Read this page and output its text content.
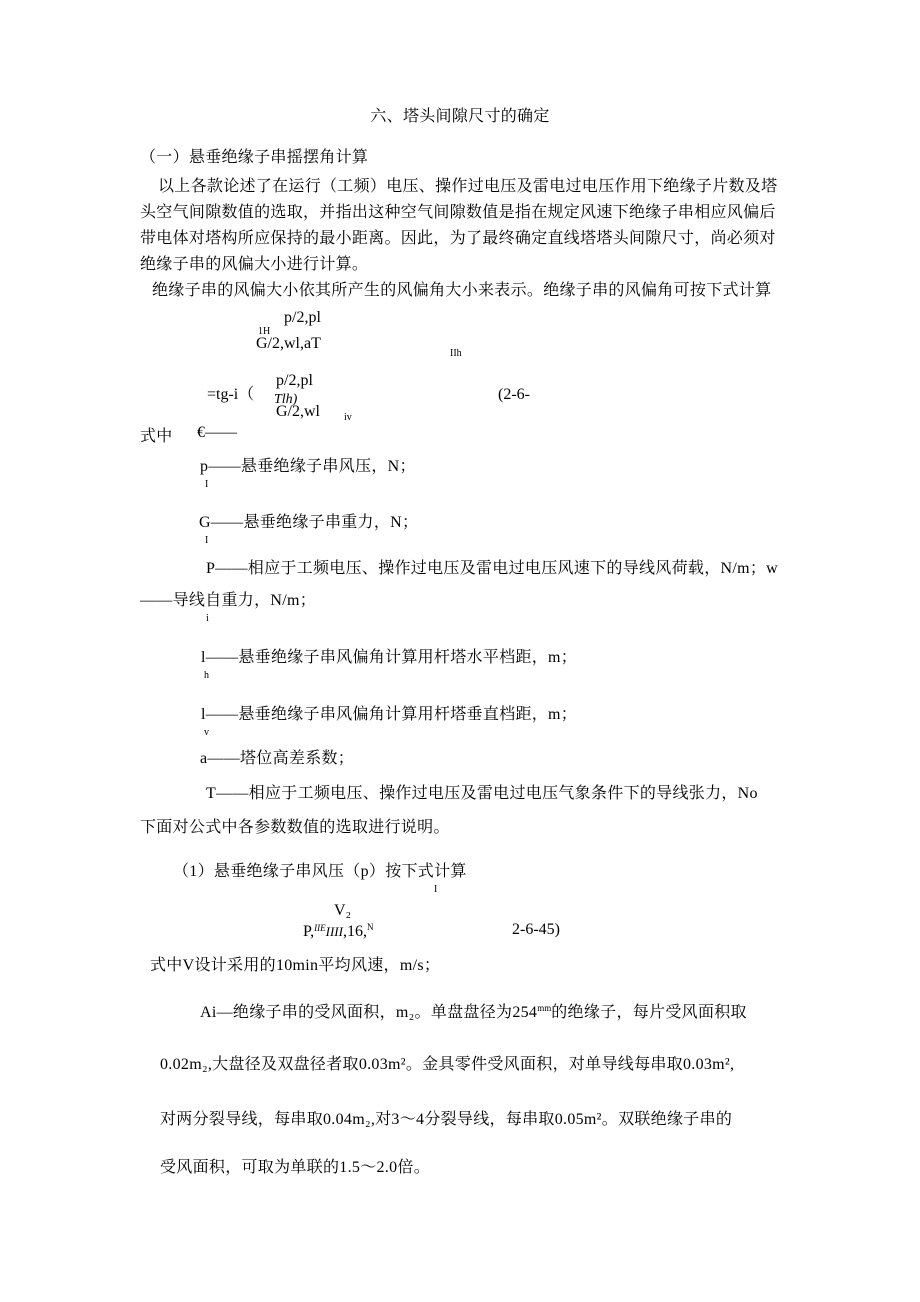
六、塔头间隙尺寸的确定
（一）悬垂绝缘子串摇摆角计算
以上各款论述了在运行（工频）电压、操作过电压及雷电过电压作用下绝缘子片数及塔
头空气间隙数值的选取，并指出这种空气间隙数值是指在规定风速下绝缘子串相应风偏后
带电体对塔构所应保持的最小距离。因此，为了最终确定直线塔塔头间隙尺寸，尚必须对
绝缘子串的风偏大小进行计算。
绝缘子串的风偏大小依其所产生的风偏角大小来表示。绝缘子串的风偏角可按下式计算
p/2,pl
1H
G/2,wl,aT
IIh
=tg-i（
p/2,pl
Tlh)
G/2,wl iv
(2-6-
式中 €——
p——悬垂绝缘子串风压，N；
I
G——悬垂绝缘子串重力，N；
I
P——相应于工频电压、操作过电压及雷电过电压风速下的导线风荷载，N/m；w
——导线自重力，N/m；
i
l——悬垂绝缘子串风偏角计算用杆塔水平档距，m；
h
l——悬垂绝缘子串风偏角计算用杆塔垂直档距，m；
v
a——塔位高差系数；
T——相应于工频电压、操作过电压及雷电过电压气象条件下的导线张力，No
下面对公式中各参数数值的选取进行说明。
（1）悬垂绝缘子串风压（p）按下式计算
I
V₂
P,$^{IIE}$IIII,16,$^N$	2-6-45)
式中V设计采用的10min平均风速，m/s；
Ai—绝缘子串的受风面积，m₂。单盘盘径为$254^{mm}$的绝缘子，每片受风面积取
0.02m₂,大盘径及双盘径者取0.03m²。金具零件受风面积，对单导线每串取0.03m²,
对两分裂导线，每串取0.04m₂,对3～4分裂导线，每串取0.05m²。双联绝缘子串的
受风面积，可取为单联的1.5～2.0倍。
